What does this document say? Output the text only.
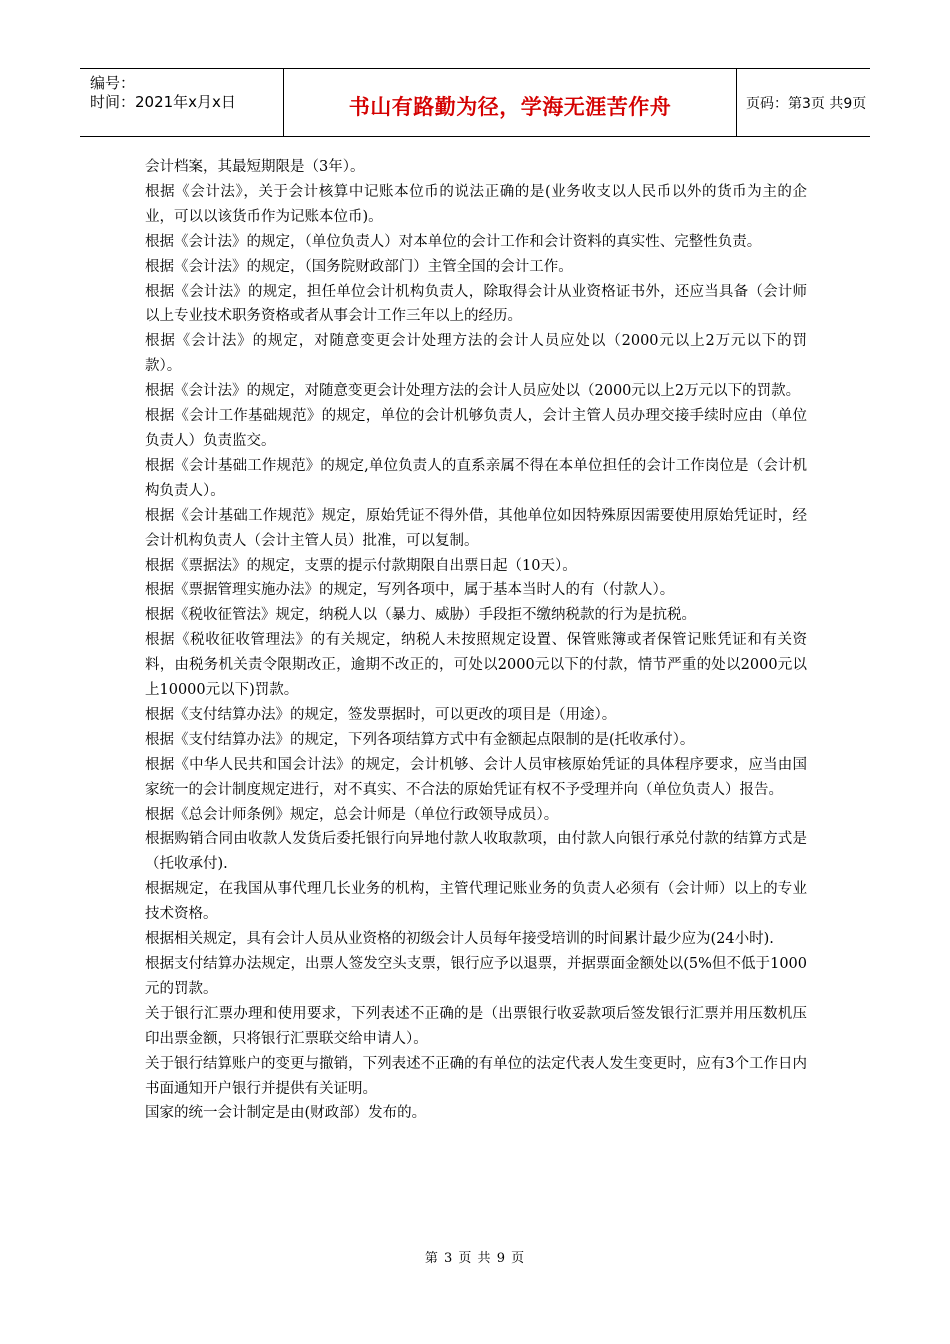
编号：
时间：2021年x月x日	书山有路勤为径，学海无涯苦作舟	页码：第3页 共9页

会计档案，其最短期限是（3年）。

根据《会计法》，关于会计核算中记账本位币的说法正确的是(业务收支以人民币以外的货币为主的企业，可以以该货币作为记账本位币)。

根据《会计法》的规定，（单位负责人）对本单位的会计工作和会计资料的真实性、完整性负责。

根据《会计法》的规定，（国务院财政部门）主管全国的会计工作。

根据《会计法》的规定，担任单位会计机构负责人，除取得会计从业资格证书外，还应当具备（会计师以上专业技术职务资格或者从事会计工作三年以上的经历。

根据《会计法》的规定，对随意变更会计处理方法的会计人员应处以（2000元以上2万元以下的罚款）。

根据《会计法》的规定，对随意变更会计处理方法的会计人员应处以（2000元以上2万元以下的罚款。

根据《会计工作基础规范》的规定，单位的会计机够负责人，会计主管人员办理交接手续时应由（单位负责人）负责监交。

根据《会计基础工作规范》的规定,单位负责人的直系亲属不得在本单位担任的会计工作岗位是（会计机构负责人）。

根据《会计基础工作规范》规定，原始凭证不得外借，其他单位如因特殊原因需要使用原始凭证时，经会计机构负责人（会计主管人员）批准，可以复制。

根据《票据法》的规定，支票的提示付款期限自出票日起（10天）。

根据《票据管理实施办法》的规定，写列各项中，属于基本当时人的有（付款人）。

根据《税收征管法》规定，纳税人以（暴力、威胁）手段拒不缴纳税款的行为是抗税。

根据《税收征收管理法》的有关规定，纳税人未按照规定设置、保管账簿或者保管记账凭证和有关资料，由税务机关责令限期改正，逾期不改正的，可处以2000元以下的付款，情节严重的处以2000元以上10000元以下)罚款。

根据《支付结算办法》的规定，签发票据时，可以更改的项目是（用途）。

根据《支付结算办法》的规定，下列各项结算方式中有金额起点限制的是(托收承付）。

根据《中华人民共和国会计法》的规定，会计机够、会计人员审核原始凭证的具体程序要求，应当由国家统一的会计制度规定进行，对不真实、不合法的原始凭证有权不予受理并向（单位负责人）报告。

根据《总会计师条例》规定，总会计师是（单位行政领导成员）。

根据购销合同由收款人发货后委托银行向异地付款人收取款项，由付款人向银行承兑付款的结算方式是（托收承付).

根据规定，在我国从事代理几长业务的机构，主管代理记账业务的负责人必须有（会计师）以上的专业技术资格。

根据相关规定，具有会计人员从业资格的初级会计人员每年接受培训的时间累计最少应为(24小时).

根据支付结算办法规定，出票人签发空头支票，银行应予以退票，并据票面金额处以(5%但不低于1000元的罚款。

关于银行汇票办理和使用要求，下列表述不正确的是（出票银行收妥款项后签发银行汇票并用压数机压印出票金额，只将银行汇票联交给申请人）。

关于银行结算账户的变更与撤销，下列表述不正确的有单位的法定代表人发生变更时，应有3个工作日内书面通知开户银行并提供有关证明。

国家的统一会计制定是由(财政部）发布的。

第 3 页 共 9 页
